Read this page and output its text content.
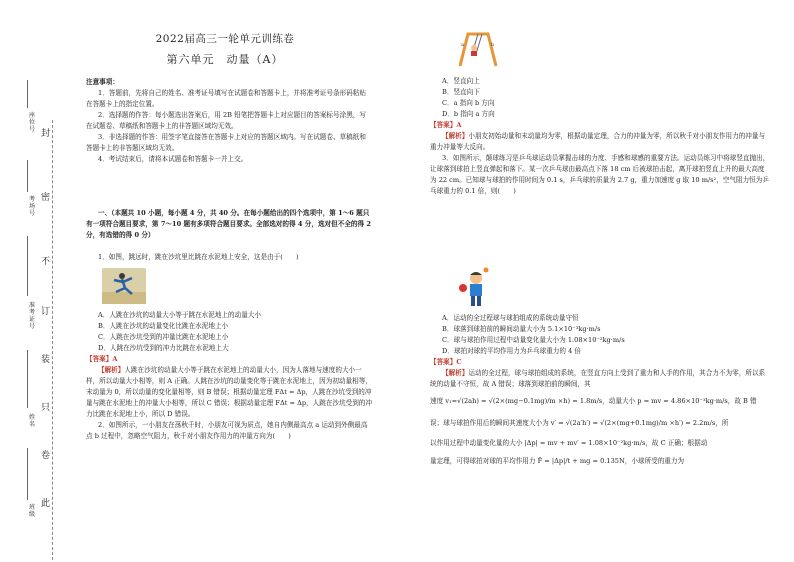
封
密
不
订
装
只
卷
此
座位号
考场号
准考证号
姓名
班级
2022届高三一轮单元训练卷
第六单元　动量（A）

注意事项：

1．答题前，先将自己的姓名、准考证号填写在试题卷和答题卡上，并将准考证号条形码粘贴在答题卡上的指定位置。

2．选择题的作答：每小题选出答案后，用 2B 铅笔把答题卡上对应题目的答案标号涂黑，写在试题卷、草稿纸和答题卡上的非答题区域均无效。

3．非选择题的作答：用签字笔直接答在答题卡上对应的答题区域内。写在试题卷、草稿纸和答题卡上的非答题区域均无效。

4．考试结束后，请将本试题卷和答题卡一并上交。

一、（本题共 10 小题，每小题 4 分，共 40 分。在每小题给出的四个选项中，第 1～6 题只有一项符合题目要求，第 7～10 题有多项符合题目要求。全部选对的得 4 分，选对但不全的得 2 分，有选错的得 0 分）

1．如图，跳远时，跳在沙坑里比跳在水泥地上安全，这是由于(　　)

A．人跳在沙坑的动量大小等于跳在水泥地上的动量大小

B．人跳在沙坑的动量变化比跳在水泥地上小

C．人跳在沙坑受到的冲量比跳在水泥地上小

D．人跳在沙坑受到的冲力比跳在水泥地上大

【答案】A

【解析】人跳在沙坑的动量大小等于跳在水泥地上的动量大小，因为人落地与速度的大小一样，所以动量大小相等，则 A 正确。人跳在沙坑的动量变化等于跳在水泥地上，因为初动量相等，末动量为 0，所以动量的变化量相等，则 B 错误；根据动量定理 FΔt = Δp，人跳在沙坑受到的冲量与跳在水泥地上的冲量大小相等，所以 C 错误；根据动量定理 FΔt = Δp，人跳在沙坑受到的冲力比跳在水泥地上小，所以 D 错误。

2．如图所示，一小朋友在荡秋千时，小朋友可视为质点，她自内侧最高点 a 运动到外侧最高点 b 过程中，忽略空气阻力，秋千对小朋友作用力的冲量方向为(　　)

a	b

A．竖直向上

B．竖直向下

C．a 指向 b 方向

D．b 指向 a 方向

【答案】A

【解析】小朋友初始动量和末动量均为零，根据动量定理，合力的冲量为零，所以秋千对小朋友作用力的冲量与重力冲量等大反向。

3．如图所示，颠球练习是乒乓球运动员掌握击球的力度、手感和球感的重要方法。运动员练习中将球竖直抛出，让球落到球拍上竖直弹起和落下。某一次乒乓球由最高点下落 18 cm 后被球拍击起，离开球拍竖直上升的最大高度为 22 cm。已知球与球拍的作用时间为 0.1 s，乒乓球的质量为 2.7 g，重力加速度 g 取 10 m/s²，空气阻力恒为乒乓球重力的 0.1 倍，则(　　)

A．运动的全过程球与球拍组成的系统动量守恒

B．球落到球拍前的瞬间动量大小为 5.1×10⁻³kg·m/s

C．球与球拍作用过程中动量变化量大小为 1.08×10⁻²kg·m/s

D．球拍对球的平均作用力为乒乓球重力的 4 倍

【答案】C

【解析】运动的全过程，球与球拍组成的系统，在竖直方向上受到了重力和人手的作用，其合力不为零，所以系统的动量不守恒，故 A 错误；球落到球拍前的瞬间，其

速度 v₁=√(2ah) = √(2×(mg−0.1mg)/m ×h) = 1.8m/s，动量大小 p = mv = 4.86×10⁻³kg·m/s，故 B 错

误；球与球拍作用后的瞬间其速度大小为 v′ = √(2a′h′) = √(2×(mg+0.1mg)/m ×h′) = 2.2m/s，所

以作用过程中动量变化量的大小 |Δp| = mv + mv′ = 1.08×10⁻²kg·m/s，故 C 正确；根据动

量定理，可得球拍对球的平均作用力 F̄ = |Δp|/t + mg = 0.135N，小球所受的重力为
